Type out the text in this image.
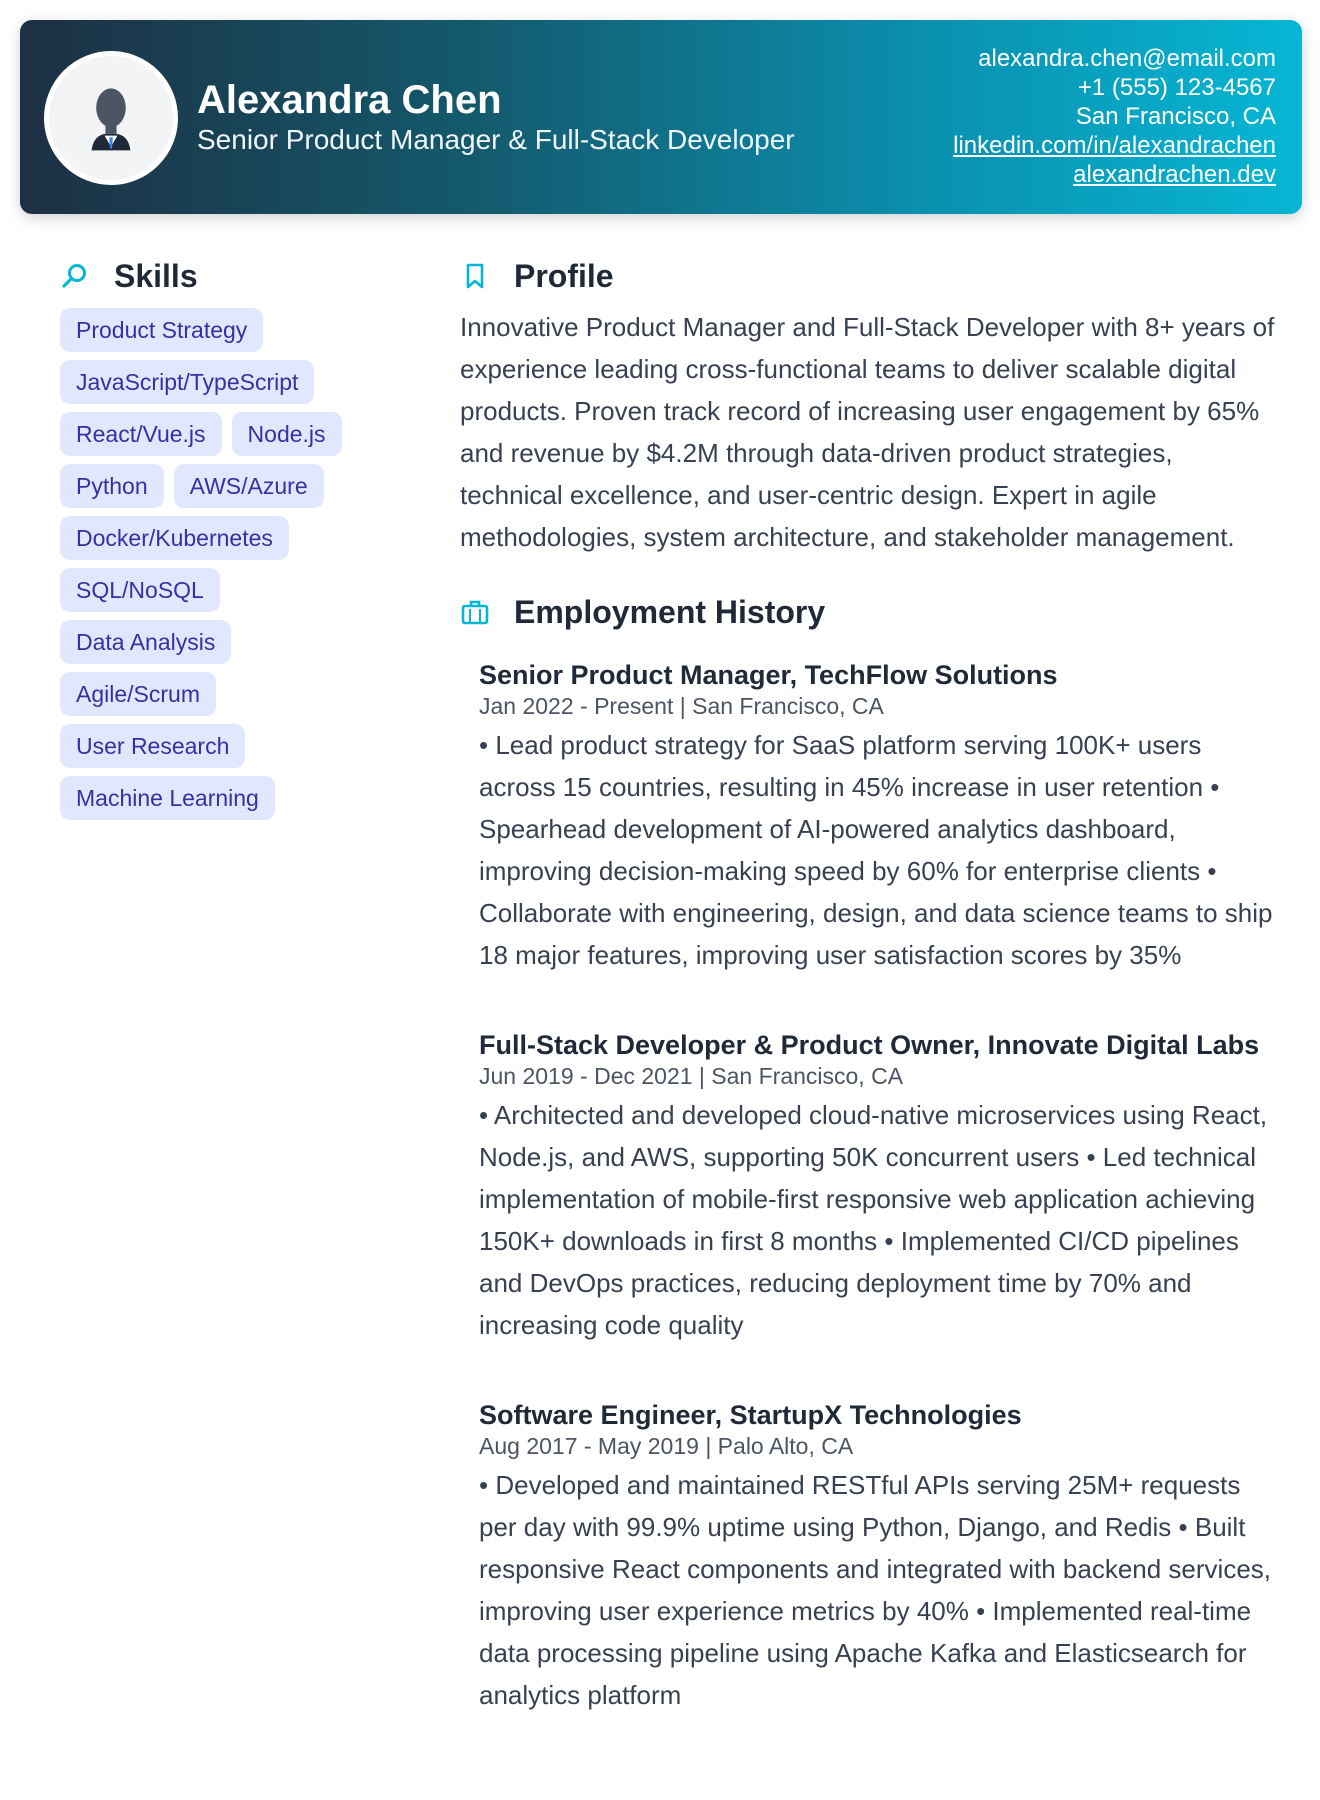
Alexandra Chen
Senior Product Manager & Full-Stack Developer
alexandra.chen@email.com
+1 (555) 123-4567
San Francisco, CA
linkedin.com/in/alexandrachen
alexandrachen.dev
Skills
Product Strategy
JavaScript/TypeScript
React/Vue.js	Node.js
Python	AWS/Azure
Docker/Kubernetes
SQL/NoSQL
Data Analysis
Agile/Scrum
User Research
Machine Learning
Profile

Innovative Product Manager and Full-Stack Developer with 8+ years of experience leading cross-functional teams to deliver scalable digital products. Proven track record of increasing user engagement by 65% and revenue by $4.2M through data-driven product strategies, technical excellence, and user-centric design. Expert in agile methodologies, system architecture, and stakeholder management.

Employment History
Senior Product Manager, TechFlow Solutions
Jan 2022 - Present | San Francisco, CA
• Lead product strategy for SaaS platform serving 100K+ users across 15 countries, resulting in 45% increase in user retention • Spearhead development of AI-powered analytics dashboard, improving decision-making speed by 60% for enterprise clients • Collaborate with engineering, design, and data science teams to ship 18 major features, improving user satisfaction scores by 35%
Full-Stack Developer & Product Owner, Innovate Digital Labs
Jun 2019 - Dec 2021 | San Francisco, CA
• Architected and developed cloud-native microservices using React, Node.js, and AWS, supporting 50K concurrent users • Led technical implementation of mobile-first responsive web application achieving 150K+ downloads in first 8 months • Implemented CI/CD pipelines and DevOps practices, reducing deployment time by 70% and increasing code quality
Software Engineer, StartupX Technologies
Aug 2017 - May 2019 | Palo Alto, CA
• Developed and maintained RESTful APIs serving 25M+ requests per day with 99.9% uptime using Python, Django, and Redis • Built responsive React components and integrated with backend services, improving user experience metrics by 40% • Implemented real-time data processing pipeline using Apache Kafka and Elasticsearch for analytics platform
